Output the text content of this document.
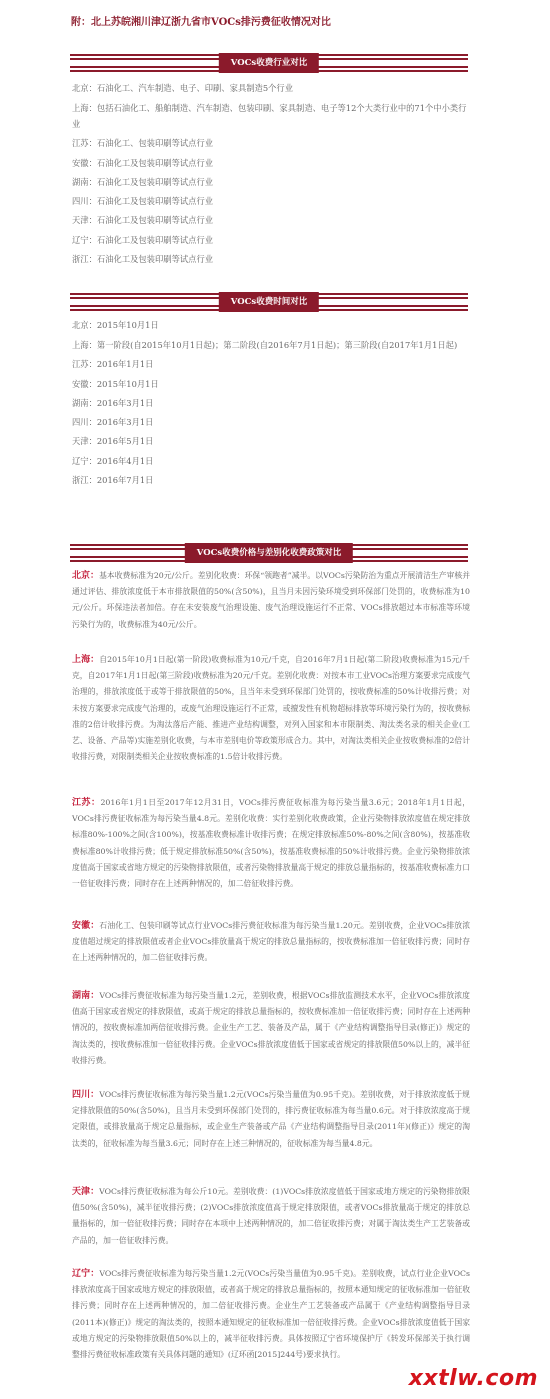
附：北上苏皖湘川津辽浙九省市VOCs排污费征收情况对比
VOCs收费行业对比
北京：石油化工、汽车制造、电子、印刷、家具制造5个行业
上海：包括石油化工、船舶制造、汽车制造、包装印刷、家具制造、电子等12个大类行业中的71个中小类行业
江苏：石油化工、包装印刷等试点行业
安徽：石油化工及包装印刷等试点行业
湖南：石油化工及包装印刷等试点行业
四川：石油化工及包装印刷等试点行业
天津：石油化工及包装印刷等试点行业
辽宁：石油化工及包装印刷等试点行业
浙江：石油化工及包装印刷等试点行业
VOCs收费时间对比
北京：2015年10月1日
上海：第一阶段(自2015年10月1日起)；第二阶段(自2016年7月1日起)；第三阶段(自2017年1月1日起)
江苏：2016年1月1日
安徽：2015年10月1日
湖南：2016年3月1日
四川：2016年3月1日
天津：2016年5月1日
辽宁：2016年4月1日
浙江：2016年7月1日
VOCs收费价格与差别化收费政策对比

北京：基本收费标准为20元/公斤。差别化收费：环保“领跑者”减半。以VOCs污染防治为重点开展清洁生产审核并通过评估、排放浓度低于本市排放限值的50%(含50%)，且当月未因污染环境受到环保部门处罚的，收费标准为10元/公斤。环保违法者加倍。存在未安装废气治理设施、废气治理设施运行不正常、VOCs排放超过本市标准等环境污染行为的，收费标准为40元/公斤。

上海：自2015年10月1日起(第一阶段)收费标准为10元/千克，自2016年7月1日起(第二阶段)收费标准为15元/千克，自2017年1月1日起(第三阶段)收费标准为20元/千克。差别化收费：对按本市工业VOCs治理方案要求完成废气治理的，排放浓度低于或等于排放限值的50%，且当年未受到环保部门处罚的，按收费标准的50%计收排污费；对未按方案要求完成废气治理的，或废气治理设施运行不正常，或擅发性有机物超标排放等环境污染行为的，按收费标准的2倍计收排污费。为淘汰落后产能、推进产业结构调整，对列入国家和本市限制类、淘汰类名录的相关企业(工艺、设备、产品等)实施差别化收费，与本市差别电价等政策形成合力。其中，对淘汰类相关企业按收费标准的2倍计收排污费，对限制类相关企业按收费标准的1.5倍计收排污费。

江苏：2016年1月1日至2017年12月31日，VOCs排污费征收标准为每污染当量3.6元；2018年1月1日起，VOCs排污费征收标准为每污染当量4.8元。差别化收费：实行差别化收费政策，企业污染物排放浓度值在规定排放标准80%-100%之间(含100%)，按基准收费标准计收排污费；在规定排放标准50%-80%之间(含80%)，按基准收费标准80%计收排污费；低于规定排放标准50%(含50%)，按基准收费标准的50%计收排污费。企业污染物排放浓度值高于国家或省地方规定的污染物排放限值，或者污染物排放量高于规定的排放总量指标的，按基准收费标准力口一倍征收排污费；同时存在上述两种情况的，加二倍征收排污费。

安徽：石油化工、包装印刷等试点行业VOCs排污费征收标准为每污染当量1.20元。差别收费，企业VOCs排放浓度值超过规定的排放限值或者企业VOCs排放量高于规定的排放总量指标的，按收费标准加一倍征收排污费；同时存在上述两种情况的，加二倍征收排污费。

湖南：VOCs排污费征收标准为每污染当量1.2元，差别收费，根据VOCs排放监测技术水平，企业VOCs排放浓度值高于国家或省规定的排放限值，或高于规定的排放总量指标的，按收费标准加一倍征收排污费；同时存在上述两种情况的，按收费标准加两倍征收排污费。企业生产工艺、装备及产品，属于《产业结构调整指导目录(修正)》规定的淘汰类的，按收费标准加一倍征收排污费。企业VOCs排放浓度值低于国家或省规定的排放限值50%以上的，减半征收排污费。

四川：VOCs排污费征收标准为每污染当量1.2元(VOCs污染当量值为0.95千克)。差别收费，对于排放浓度低于规定排放限值的50%(含50%)，且当月未受到环保部门处罚的，排污费征收标准为每当量0.6元。对于排放浓度高于规定限值，或排放量高于规定总量指标，或企业生产装备或产品《产业结构调整指导目录(2011年)(修正)》规定的淘汰类的，征收标准为每当量3.6元；同时存在上述三种情况的，征收标准为每当量4.8元。

天津：VOCs排污费征收标准为每公斤10元。差别收费：(1)VOCs排放浓度值低于国家或地方规定的污染物排放限值50%(含50%)，减半征收排污费；(2)VOCs排放浓度值高于规定排放限值，或者VOCs排放量高于规定的排放总量指标的，加一倍征收排污费；同时存在本项中上述两种情况的，加二倍征收排污费；对属于淘汰类生产工艺装备或产品的，加一倍征收排污费。

辽宁：VOCs排污费征收标准为每污染当量1.2元(VOCs污染当量值为0.95千克)。差别收费，试点行业企业VOCs排放浓度高于国家或地方规定的排放限值，或者高于规定的排放总量指标的，按照本通知规定的征收标准加一倍征收排污费；同时存在上述两种情况的，加二倍征收排污费。企业生产工艺装备或产品属于《产业结构调整指导目录(2011本)(修正)》规定的淘汰类的，按照本通知规定的征收标准加一倍征收排污费。企业VOCs排放浓度值低于国家或地方规定的污染物排放限值50%以上的，减半征收排污费。具体按照辽宁省环境保护厅《转发环保部关于执行调整排污费征收标准政策有关具体问题的通知》(辽环函[2015]244号)要求执行。

xxtlw.com
